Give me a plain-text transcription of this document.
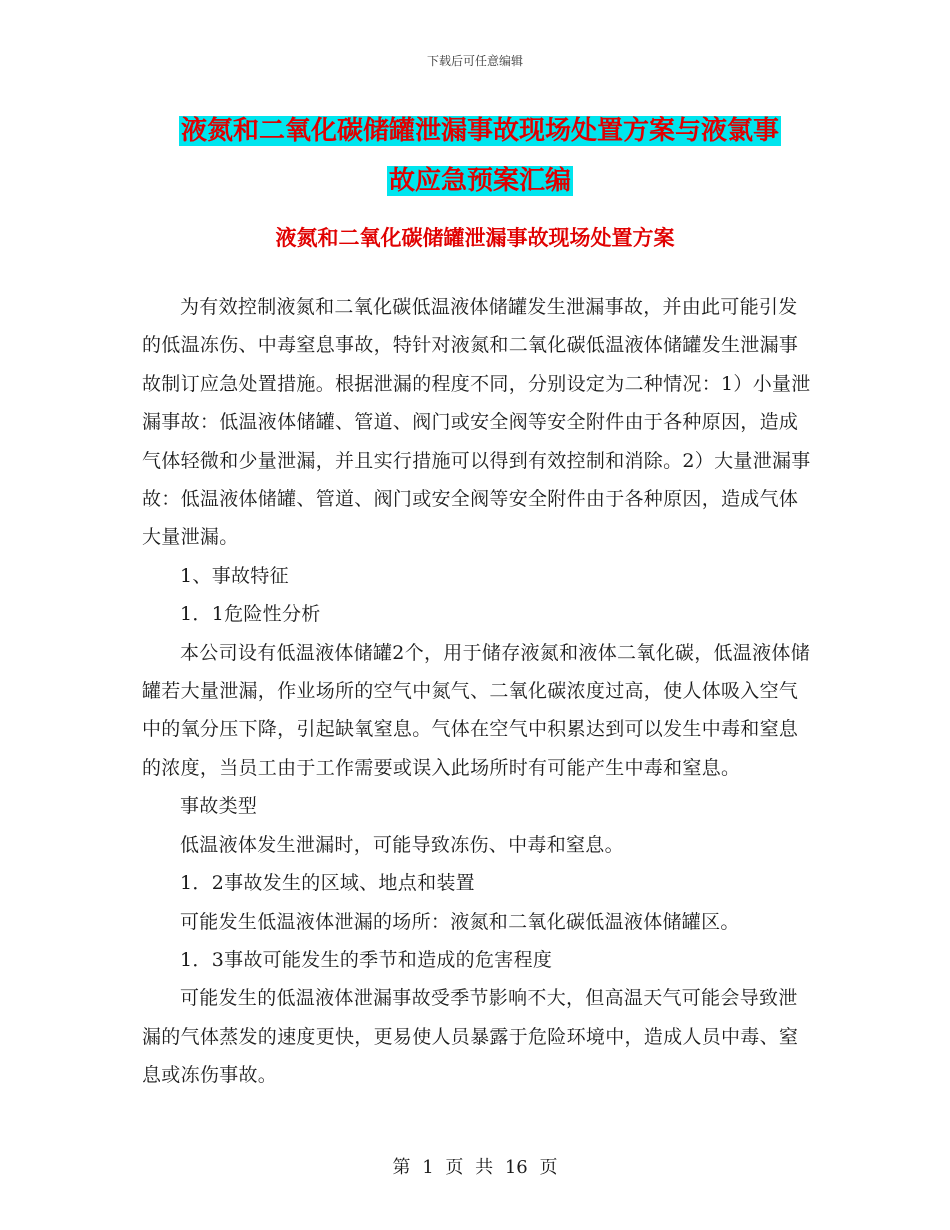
下载后可任意编辑
液氮和二氧化碳储罐泄漏事故现场处置方案与液氯事
故应急预案汇编
液氮和二氧化碳储罐泄漏事故现场处置方案

为有效控制液氮和二氧化碳低温液体储罐发生泄漏事故，并由此可能引发的低温冻伤、中毒窒息事故，特针对液氮和二氧化碳低温液体储罐发生泄漏事故制订应急处置措施。根据泄漏的程度不同，分别设定为二种情况：1）小量泄漏事故：低温液体储罐、管道、阀门或安全阀等安全附件由于各种原因，造成气体轻微和少量泄漏，并且实行措施可以得到有效控制和消除。2）大量泄漏事故：低温液体储罐、管道、阀门或安全阀等安全附件由于各种原因，造成气体大量泄漏。

1、事故特征

1．1危险性分析

本公司设有低温液体储罐2个，用于储存液氮和液体二氧化碳，低温液体储罐若大量泄漏，作业场所的空气中氮气、二氧化碳浓度过高，使人体吸入空气中的氧分压下降，引起缺氧窒息。气体在空气中积累达到可以发生中毒和窒息的浓度，当员工由于工作需要或误入此场所时有可能产生中毒和窒息。

事故类型

低温液体发生泄漏时，可能导致冻伤、中毒和窒息。

1．2事故发生的区域、地点和装置

可能发生低温液体泄漏的场所：液氮和二氧化碳低温液体储罐区。

1．3事故可能发生的季节和造成的危害程度

可能发生的低温液体泄漏事故受季节影响不大，但高温天气可能会导致泄漏的气体蒸发的速度更快，更易使人员暴露于危险环境中，造成人员中毒、窒息或冻伤事故。

第 1 页 共 16 页
